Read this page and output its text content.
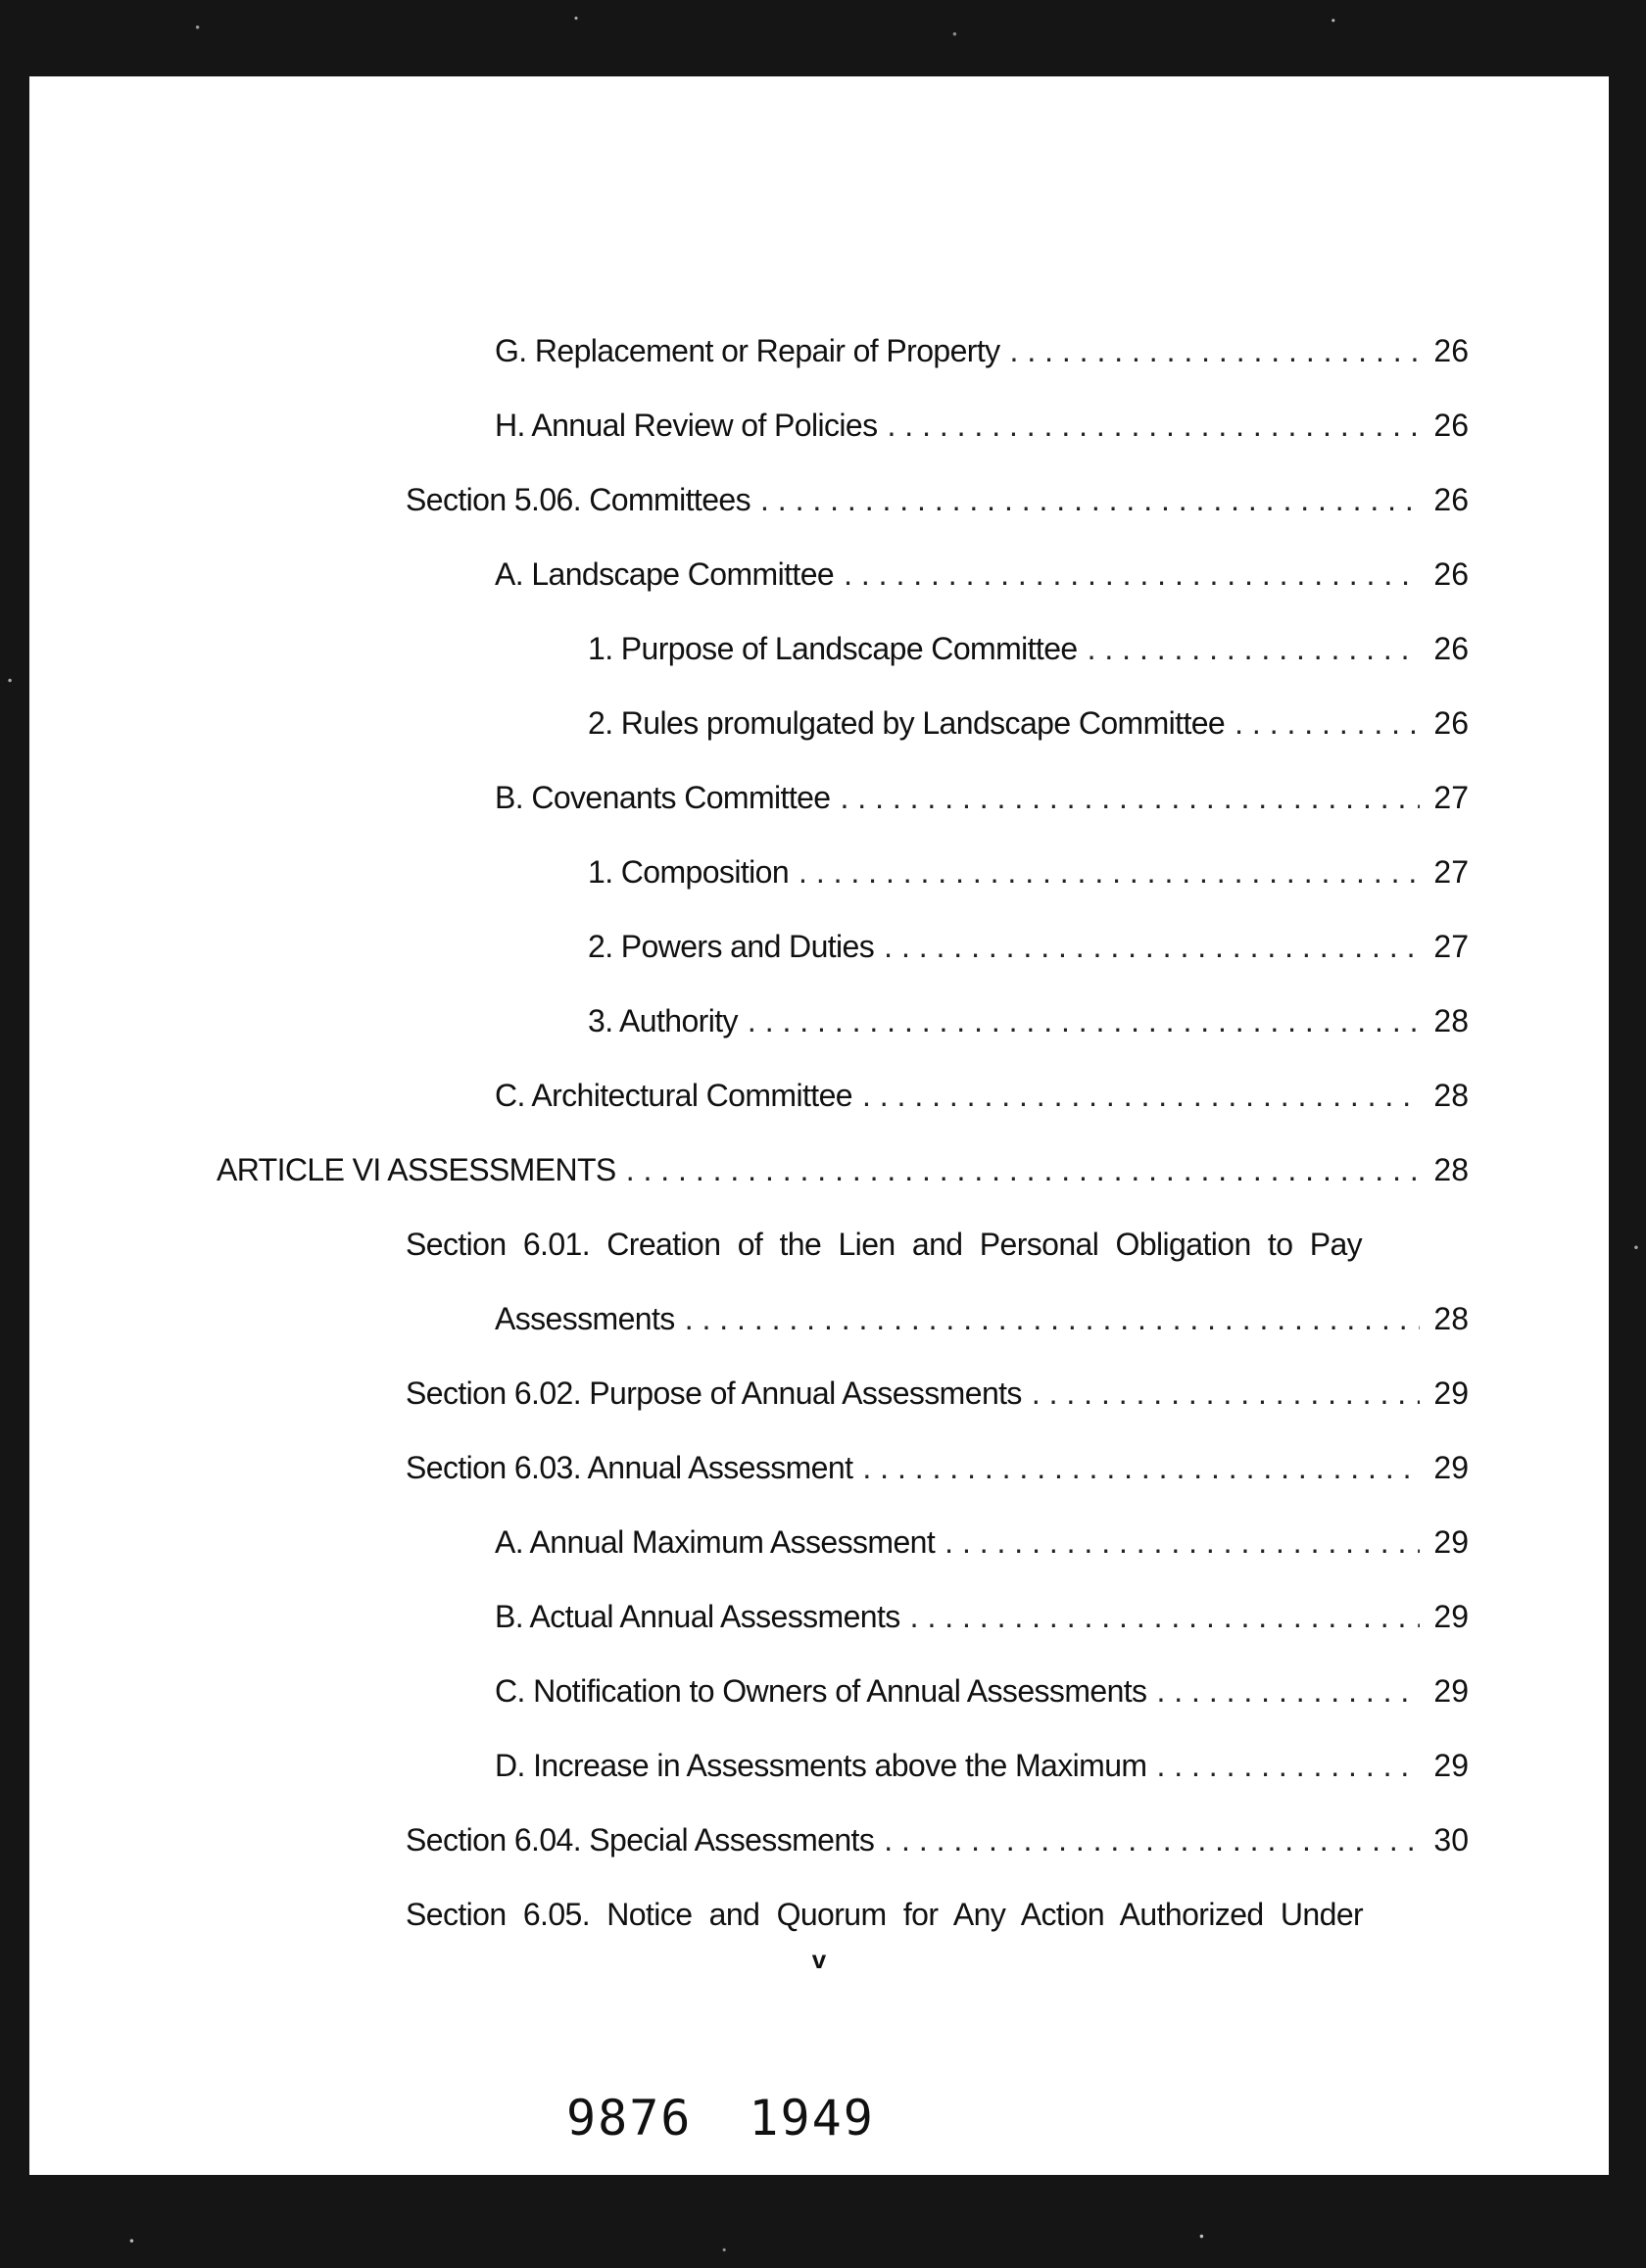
G. Replacement or Repair of Property . . .	26
H. Annual Review of Policies . . .	26
Section 5.06. Committees . . .	26
A. Landscape Committee . . .	26
1. Purpose of Landscape Committee . . .	26
2. Rules promulgated by Landscape Committee . . .	26
B. Covenants Committee . . .	27
1. Composition . . .	27
2. Powers and Duties . . .	27
3. Authority . . .	28
C. Architectural Committee . . .	28
ARTICLE VI ASSESSMENTS . . .	28
Section 6.01. Creation of the Lien and Personal Obligation to Pay
Assessments . . .	28
Section 6.02. Purpose of Annual Assessments . . .	29
Section 6.03. Annual Assessment . . .	29
A. Annual Maximum Assessment . . .	29
B. Actual Annual Assessments . . .	29
C. Notification to Owners of Annual Assessments . . .	29
D. Increase in Assessments above the Maximum . . .	29
Section 6.04. Special Assessments . . .	30
Section 6.05. Notice and Quorum for Any Action Authorized Under
v
9876 1949
